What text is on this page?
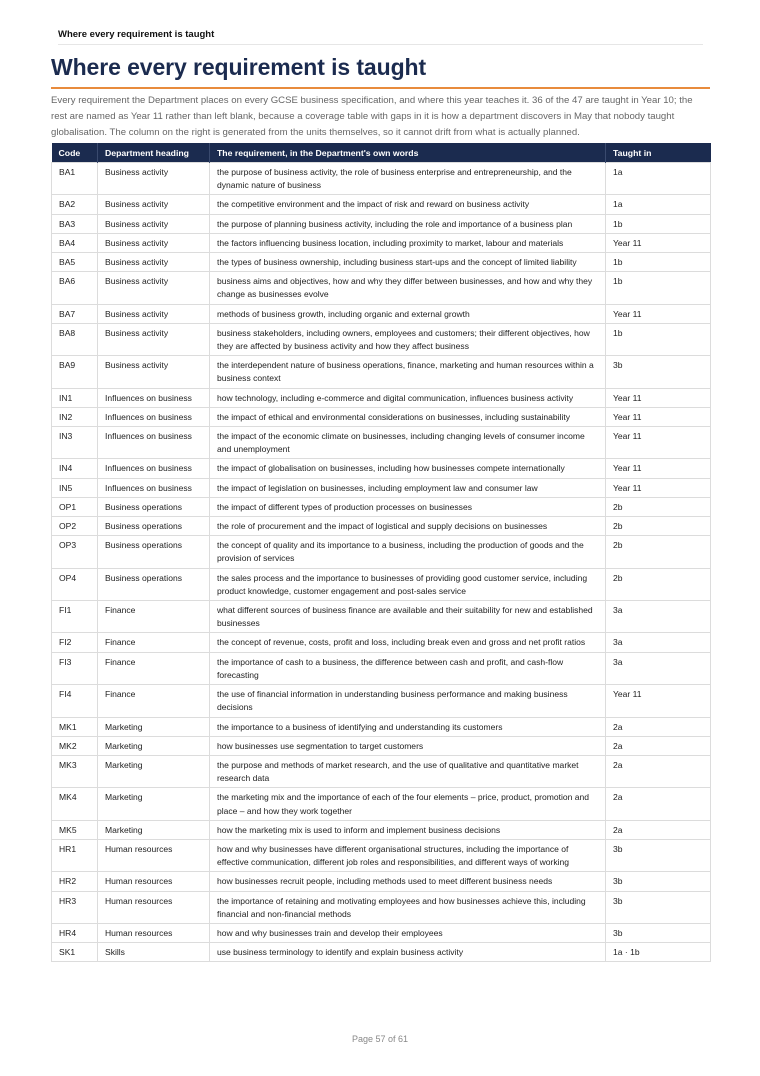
Where every requirement is taught
Where every requirement is taught

Every requirement the Department places on every GCSE business specification, and where this year teaches it. 36 of the 47 are taught in Year 10; the rest are named as Year 11 rather than left blank, because a coverage table with gaps in it is how a department discovers in May that nobody taught globalisation. The column on the right is generated from the units themselves, so it cannot drift from what is actually planned.

Code	Department heading	The requirement, in the Department's own words	Taught in
BA1	Business activity	the purpose of business activity, the role of business enterprise and entrepreneurship, and the dynamic nature of business	1a
BA2	Business activity	the competitive environment and the impact of risk and reward on business activity	1a
BA3	Business activity	the purpose of planning business activity, including the role and importance of a business plan	1b
BA4	Business activity	the factors influencing business location, including proximity to market, labour and materials	Year 11
BA5	Business activity	the types of business ownership, including business start-ups and the concept of limited liability	1b
BA6	Business activity	business aims and objectives, how and why they differ between businesses, and how and why they change as businesses evolve	1b
BA7	Business activity	methods of business growth, including organic and external growth	Year 11
BA8	Business activity	business stakeholders, including owners, employees and customers; their different objectives, how they are affected by business activity and how they affect business	1b
BA9	Business activity	the interdependent nature of business operations, finance, marketing and human resources within a business context	3b
IN1	Influences on business	how technology, including e-commerce and digital communication, influences business activity	Year 11
IN2	Influences on business	the impact of ethical and environmental considerations on businesses, including sustainability	Year 11
IN3	Influences on business	the impact of the economic climate on businesses, including changing levels of consumer income and unemployment	Year 11
IN4	Influences on business	the impact of globalisation on businesses, including how businesses compete internationally	Year 11
IN5	Influences on business	the impact of legislation on businesses, including employment law and consumer law	Year 11
OP1	Business operations	the impact of different types of production processes on businesses	2b
OP2	Business operations	the role of procurement and the impact of logistical and supply decisions on businesses	2b
OP3	Business operations	the concept of quality and its importance to a business, including the production of goods and the provision of services	2b
OP4	Business operations	the sales process and the importance to businesses of providing good customer service, including product knowledge, customer engagement and post-sales service	2b
FI1	Finance	what different sources of business finance are available and their suitability for new and established businesses	3a
FI2	Finance	the concept of revenue, costs, profit and loss, including break even and gross and net profit ratios	3a
FI3	Finance	the importance of cash to a business, the difference between cash and profit, and cash-flow forecasting	3a
FI4	Finance	the use of financial information in understanding business performance and making business decisions	Year 11
MK1	Marketing	the importance to a business of identifying and understanding its customers	2a
MK2	Marketing	how businesses use segmentation to target customers	2a
MK3	Marketing	the purpose and methods of market research, and the use of qualitative and quantitative market research data	2a
MK4	Marketing	the marketing mix and the importance of each of the four elements – price, product, promotion and place – and how they work together	2a
MK5	Marketing	how the marketing mix is used to inform and implement business decisions	2a
HR1	Human resources	how and why businesses have different organisational structures, including the importance of effective communication, different job roles and responsibilities, and different ways of working	3b
HR2	Human resources	how businesses recruit people, including methods used to meet different business needs	3b
HR3	Human resources	the importance of retaining and motivating employees and how businesses achieve this, including financial and non-financial methods	3b
HR4	Human resources	how and why businesses train and develop their employees	3b
SK1	Skills	use business terminology to identify and explain business activity	1a · 1b
Page 57 of 61
